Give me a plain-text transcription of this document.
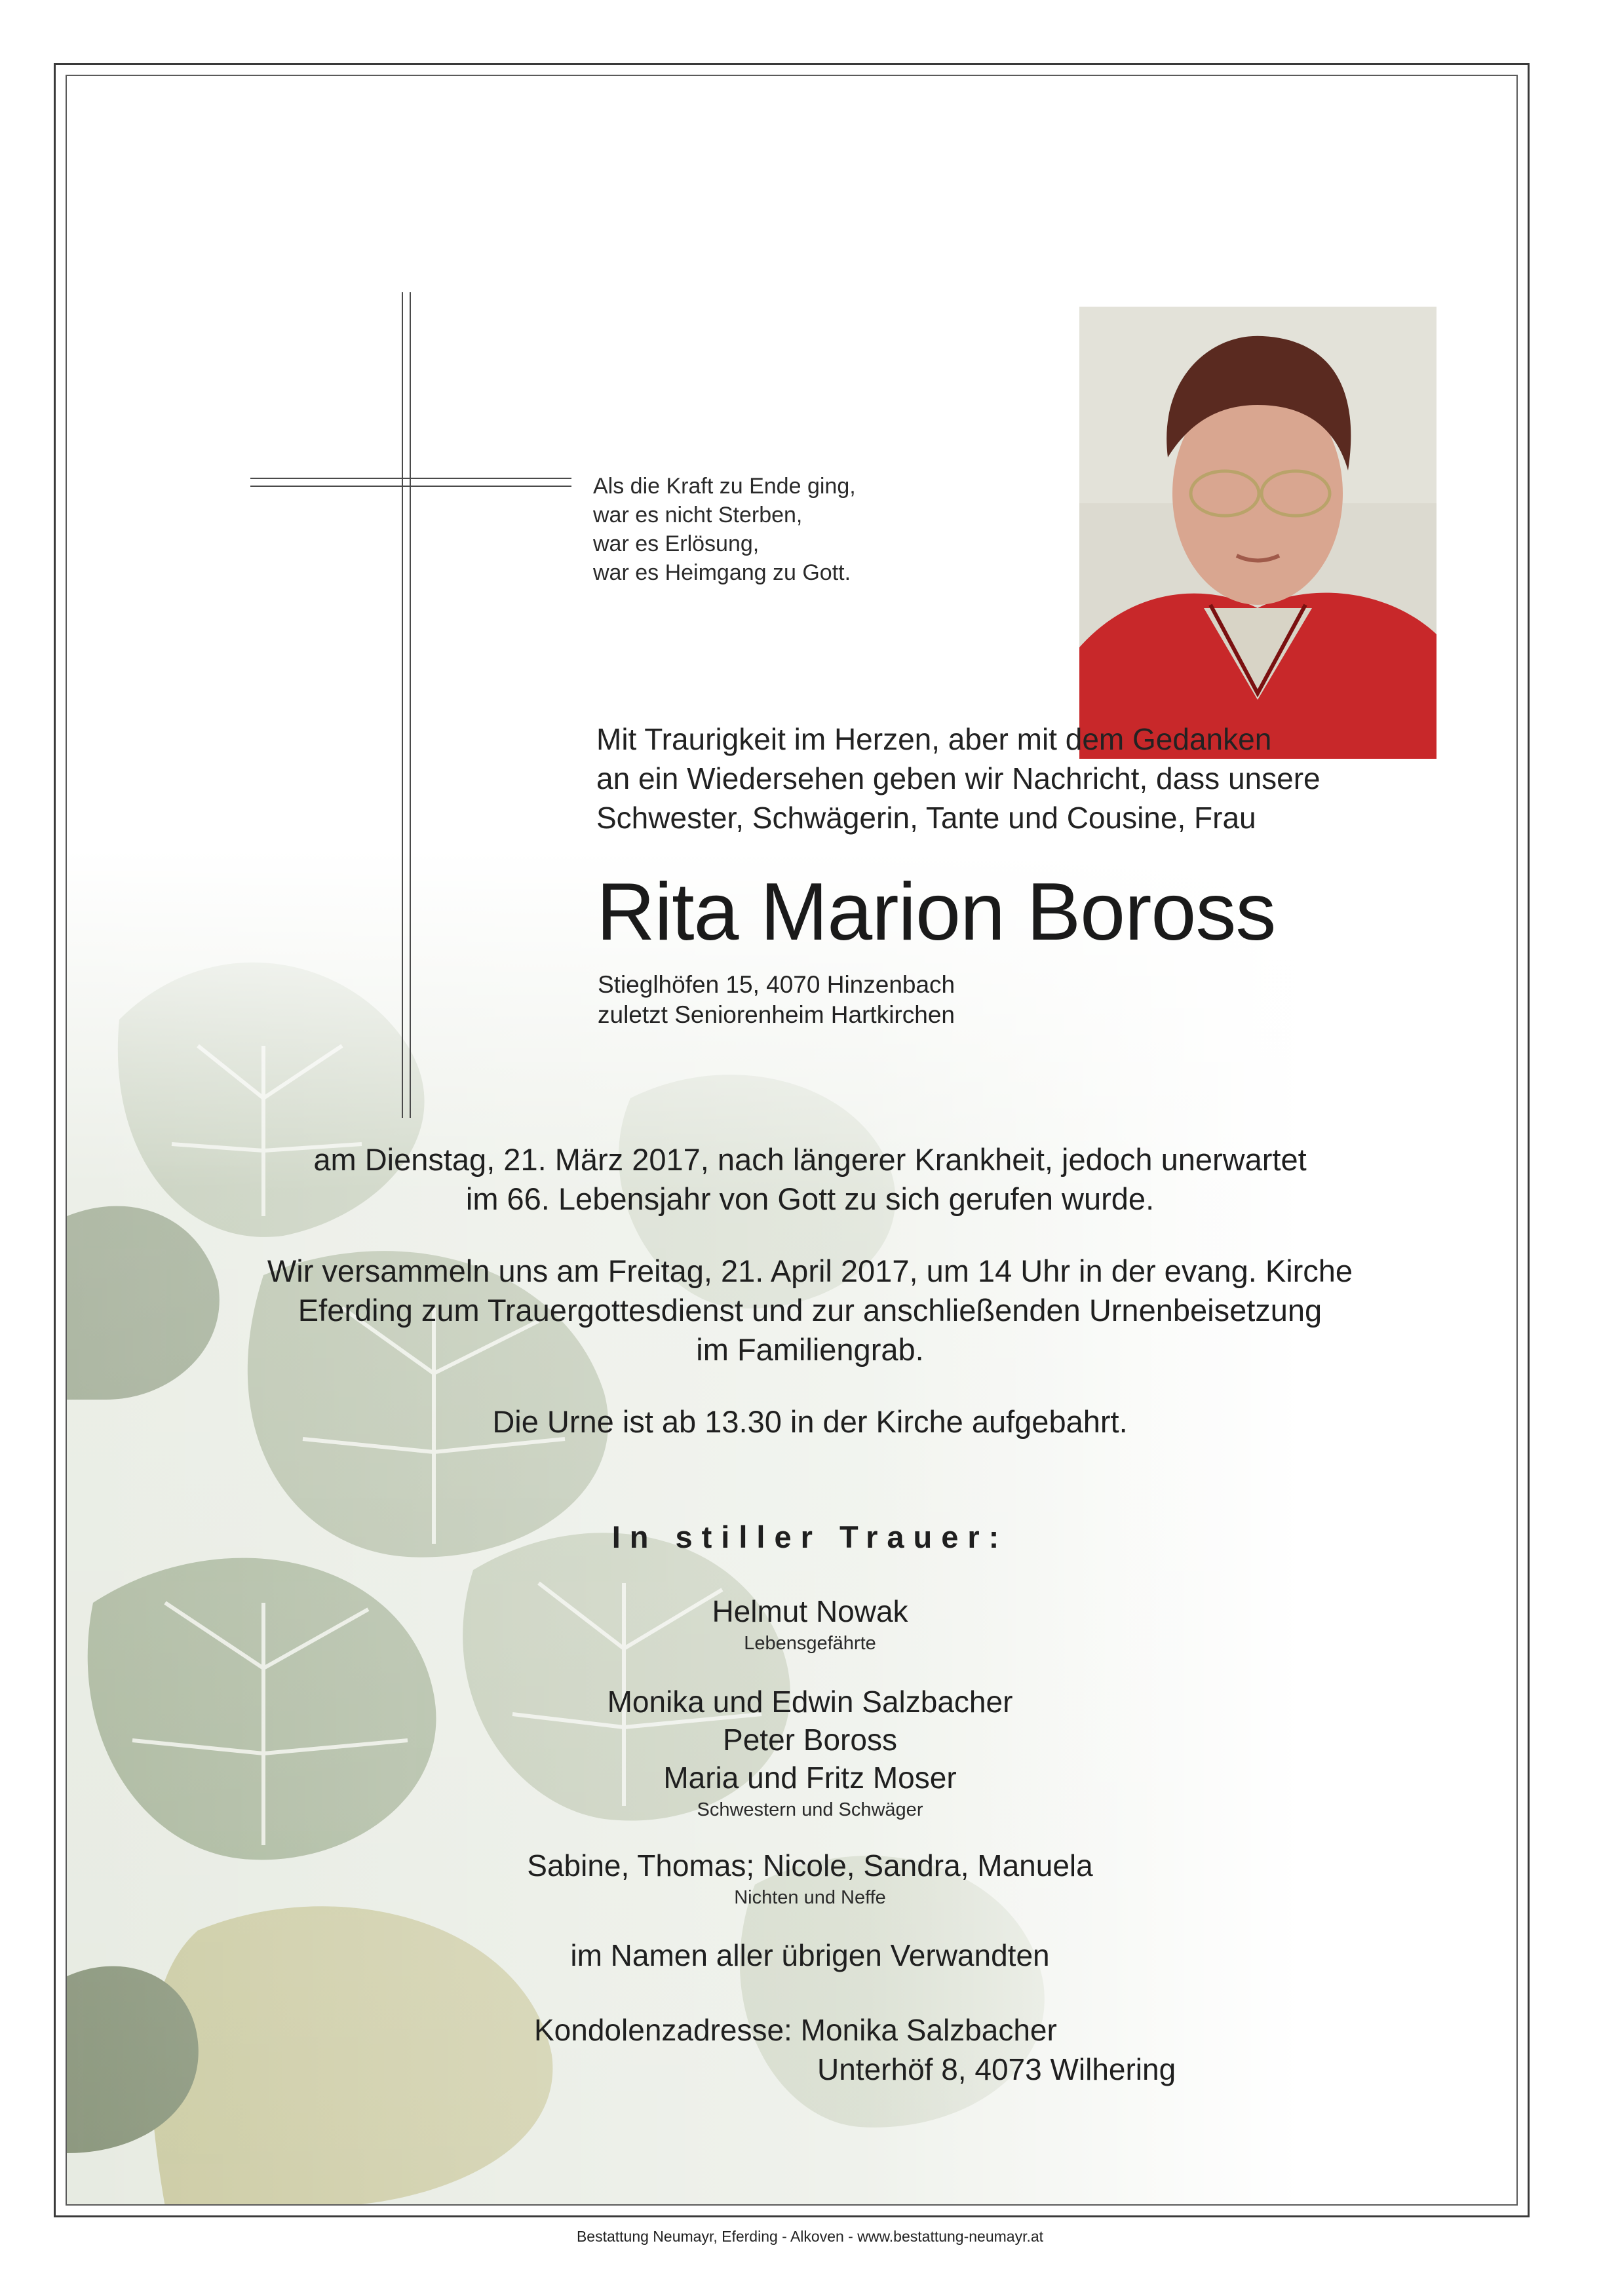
Als die Kraft zu Ende ging,
war es nicht Sterben,
war es Erlösung,
war es Heimgang zu Gott.
Mit Traurigkeit im Herzen, aber mit dem Gedanken
an ein Wiedersehen geben wir Nachricht, dass unsere
Schwester, Schwägerin, Tante und Cousine, Frau
Rita Marion Boross
Stieglhöfen 15, 4070 Hinzenbach
zuletzt Seniorenheim Hartkirchen
am Dienstag, 21. März 2017, nach längerer Krankheit, jedoch unerwartet
im 66. Lebensjahr von Gott zu sich gerufen wurde.
Wir versammeln uns am Freitag, 21. April 2017, um 14 Uhr in der evang. Kirche
Eferding zum Trauergottesdienst und zur anschließenden Urnenbeisetzung
im Familiengrab.
Die Urne ist ab 13.30 in der Kirche aufgebahrt.
In stiller Trauer:
Helmut Nowak
Lebensgefährte
Monika und Edwin Salzbacher
Peter Boross
Maria und Fritz Moser
Schwestern und Schwäger
Sabine, Thomas; Nicole, Sandra, Manuela
Nichten und Neffe
im Namen aller übrigen Verwandten
Kondolenzadresse: Monika Salzbacher
Unterhöf 8, 4073 Wilhering
Bestattung Neumayr, Eferding - Alkoven - www.bestattung-neumayr.at
